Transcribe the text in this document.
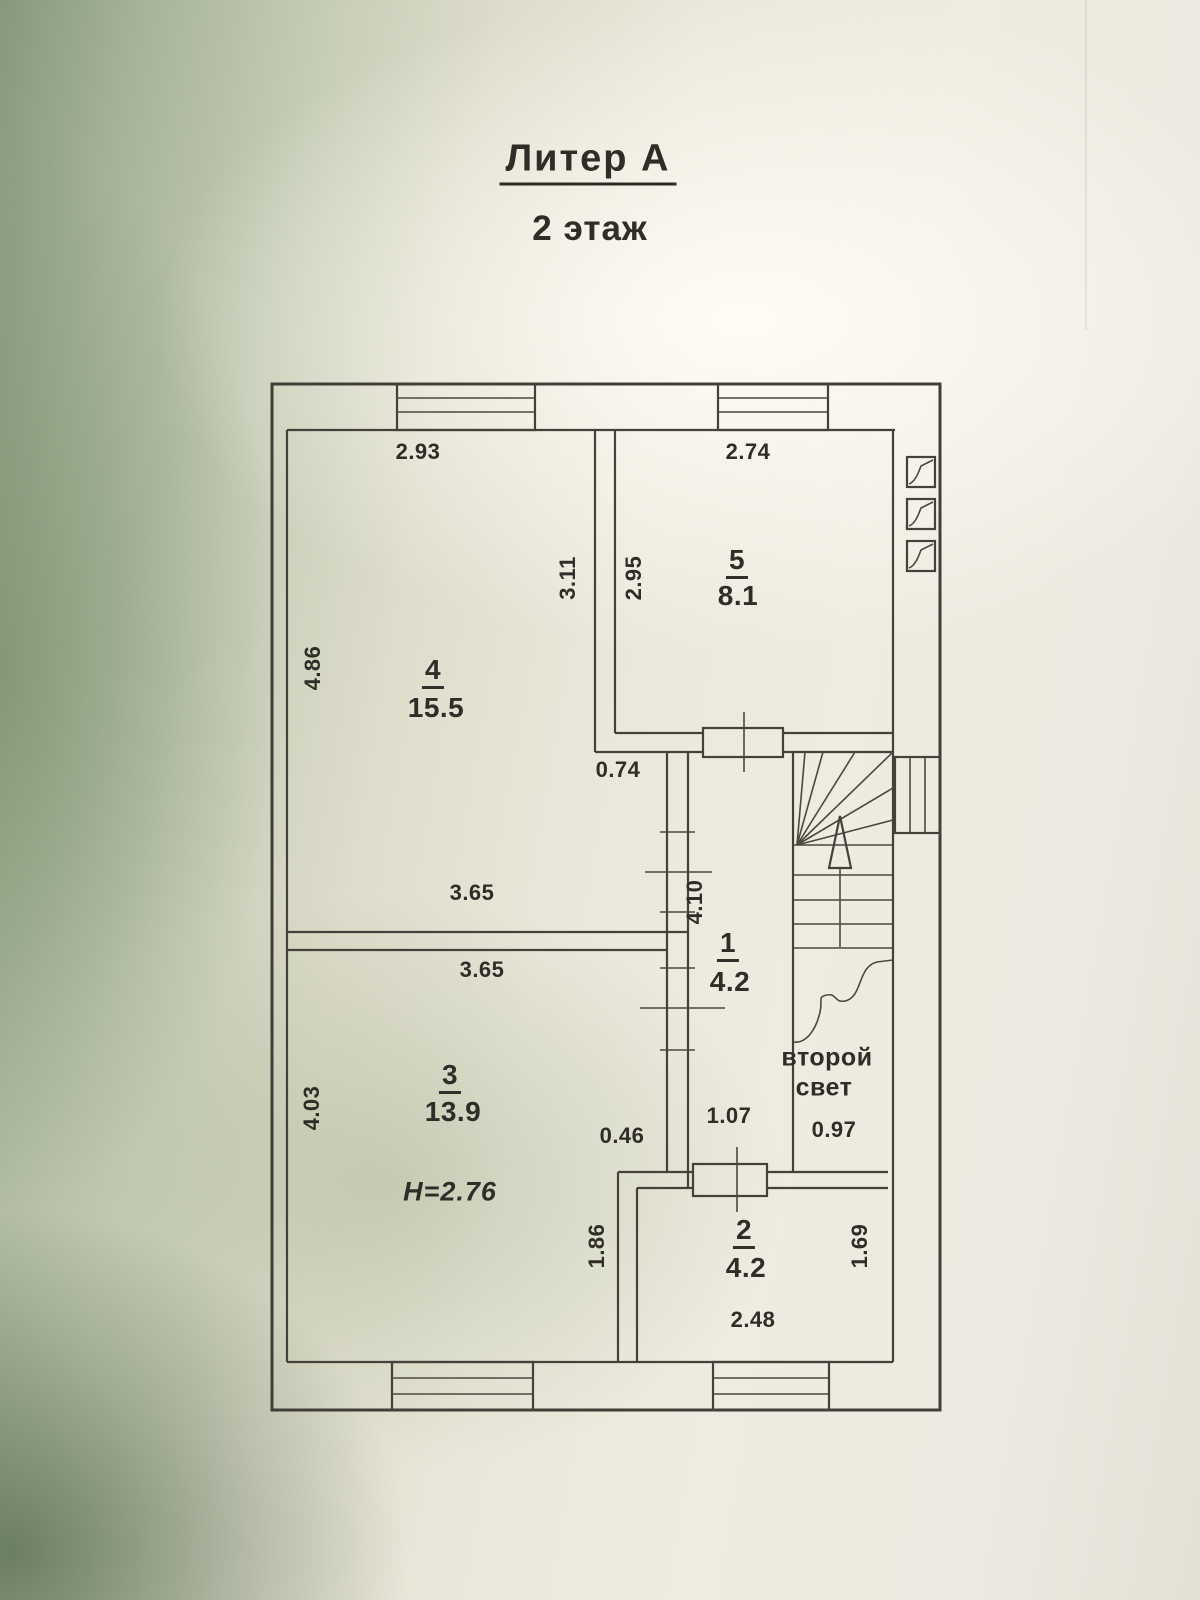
Литер А
2 этаж
2.93	2.74
3.11 2.95
4.86
5
8.1
4
15.5
0.74
3.65	4.10
3.65
1
4.2
4.03
3
13.9
Н=2.76
0.46
1.07
второй
свет
0.97
1.86	2
4.2	1.69
2.48
